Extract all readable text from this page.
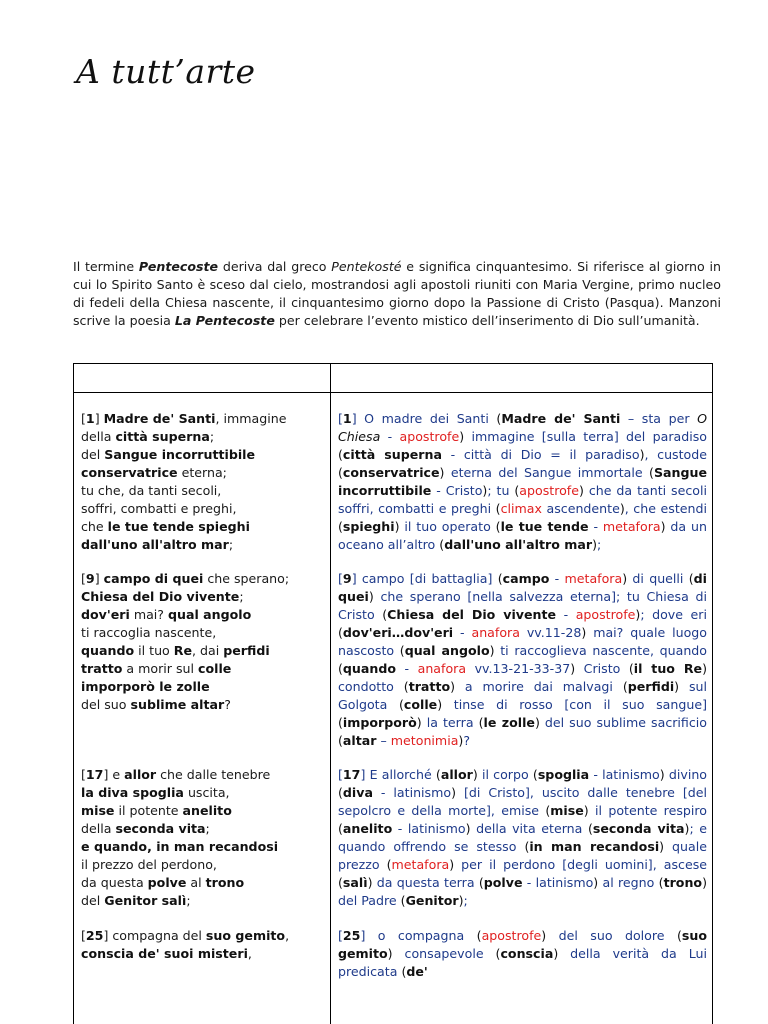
A tutt’arte

Il termine Pentecoste deriva dal greco Pentekosté e significa cinquantesimo. Si riferisce al giorno in cui lo Spirito Santo è sceso dal cielo, mostrandosi agli apostoli riuniti con Maria Vergine, primo nucleo di fedeli della Chiesa nascente, il cinquantesimo giorno dopo la Passione di Cristo (Pasqua). Manzoni scrive la poesia La Pentecoste per celebrare l’evento mistico dell’inserimento di Dio sull’umanità.

[1] Madre de' Santi, immagine
della città superna;
del Sangue incorruttibile
conservatrice eterna;
tu che, da tanti secoli,
soffri, combatti e preghi,
che le tue tende spieghi
dall'uno all'altro mar;
[9] campo di quei che sperano;
Chiesa del Dio vivente;
dov'eri mai? qual angolo
ti raccoglia nascente,
quando il tuo Re, dai perfidi
tratto a morir sul colle
imporporò le zolle
del suo sublime altar?
[17] e allor che dalle tenebre
la diva spoglia uscita,
mise il potente anelito
della seconda vita;
e quando, in man recandosi
il prezzo del perdono,
da questa polve al trono
del Genitor salì;
[25] compagna del suo gemito,
conscia de' suoi misteri,
[1] O madre dei Santi (Madre de' Santi – sta per O Chiesa - apostrofe) immagine [sulla terra] del paradiso (città superna - città di Dio = il paradiso), custode (conservatrice) eterna del Sangue immortale (Sangue incorruttibile - Cristo); tu (apostrofe) che da tanti secoli soffri, combatti e preghi (climax ascendente), che estendi (spieghi) il tuo operato (le tue tende - metafora) da un oceano all’altro (dall'uno all'altro mar);
[9] campo [di battaglia] (campo - metafora) di quelli (di quei) che sperano [nella salvezza eterna]; tu Chiesa di Cristo (Chiesa del Dio vivente - apostrofe); dove eri (dov'eri…dov'eri - anafora vv.11-28) mai? quale luogo nascosto (qual angolo) ti raccoglieva nascente, quando (quando - anafora vv.13-21-33-37) Cristo (il tuo Re) condotto (tratto) a morire dai malvagi (perfidi) sul Golgota (colle) tinse di rosso [con il suo sangue] (imporporò) la terra (le zolle) del suo sublime sacrificio (altar – metonimia)?
[17] E allorché (allor) il corpo (spoglia - latinismo) divino (diva - latinismo) [di Cristo], uscito dalle tenebre [del sepolcro e della morte], emise (mise) il potente respiro (anelito - latinismo) della vita eterna (seconda vita); e quando offrendo se stesso (in man recandosi) quale prezzo (metafora) per il perdono [degli uomini], ascese (salì) da questa terra (polve - latinismo) al regno (trono) del Padre (Genitor);
[25] o compagna (apostrofe) del suo dolore (suo gemito) consapevole (conscia) della verità da Lui predicata (de'
